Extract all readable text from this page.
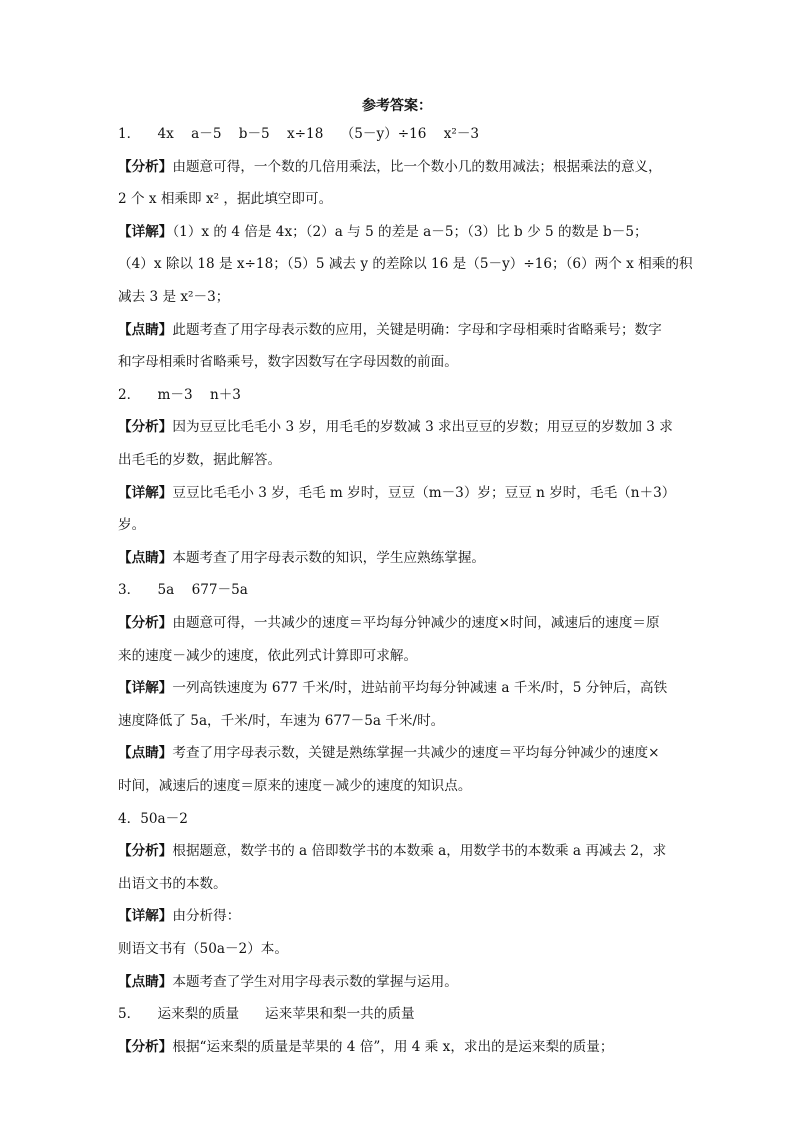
参考答案：
1．    4x    a－5    b－5    x÷18    （5－y）÷16    x²－3
【分析】由题意可得，一个数的几倍用乘法，比一个数小几的数用减法；根据乘法的意义，
2 个 x 相乘即 x² ，据此填空即可。
【详解】（1）x 的 4 倍是 4x；（2）a 与 5 的差是 a－5；（3）比 b 少 5 的数是 b－5；
（4）x 除以 18 是 x÷18；（5）5 减去 y 的差除以 16 是（5－y）÷16；（6）两个 x 相乘的积
减去 3 是 x²－3；
【点睛】此题考查了用字母表示数的应用，关键是明确：字母和字母相乘时省略乘号；数字
和字母相乘时省略乘号，数字因数写在字母因数的前面。
2．    m－3    n＋3
【分析】因为豆豆比毛毛小 3 岁，用毛毛的岁数减 3 求出豆豆的岁数；用豆豆的岁数加 3 求
出毛毛的岁数，据此解答。
【详解】豆豆比毛毛小 3 岁，毛毛 m 岁时，豆豆（m－3）岁；豆豆 n 岁时，毛毛（n＋3）
岁。
【点睛】本题考查了用字母表示数的知识，学生应熟练掌握。
3．    5a    677－5a
【分析】由题意可得，一共减少的速度＝平均每分钟减少的速度×时间，减速后的速度＝原
来的速度－减少的速度，依此列式计算即可求解。
【详解】一列高铁速度为 677 千米/时，进站前平均每分钟减速 a 千米/时，5 分钟后，高铁
速度降低了 5a，千米/时，车速为 677－5a 千米/时。
【点睛】考查了用字母表示数，关键是熟练掌握一共减少的速度＝平均每分钟减少的速度×
时间，减速后的速度＝原来的速度－减少的速度的知识点。
4．50a－2
【分析】根据题意，数学书的 a 倍即数学书的本数乘 a，用数学书的本数乘 a 再减去 2，求
出语文书的本数。
【详解】由分析得：
则语文书有（50a－2）本。
【点睛】本题考查了学生对用字母表示数的掌握与运用。
5．    运来梨的质量      运来苹果和梨一共的质量
【分析】根据“运来梨的质量是苹果的 4 倍”，用 4 乘 x，求出的是运来梨的质量；
